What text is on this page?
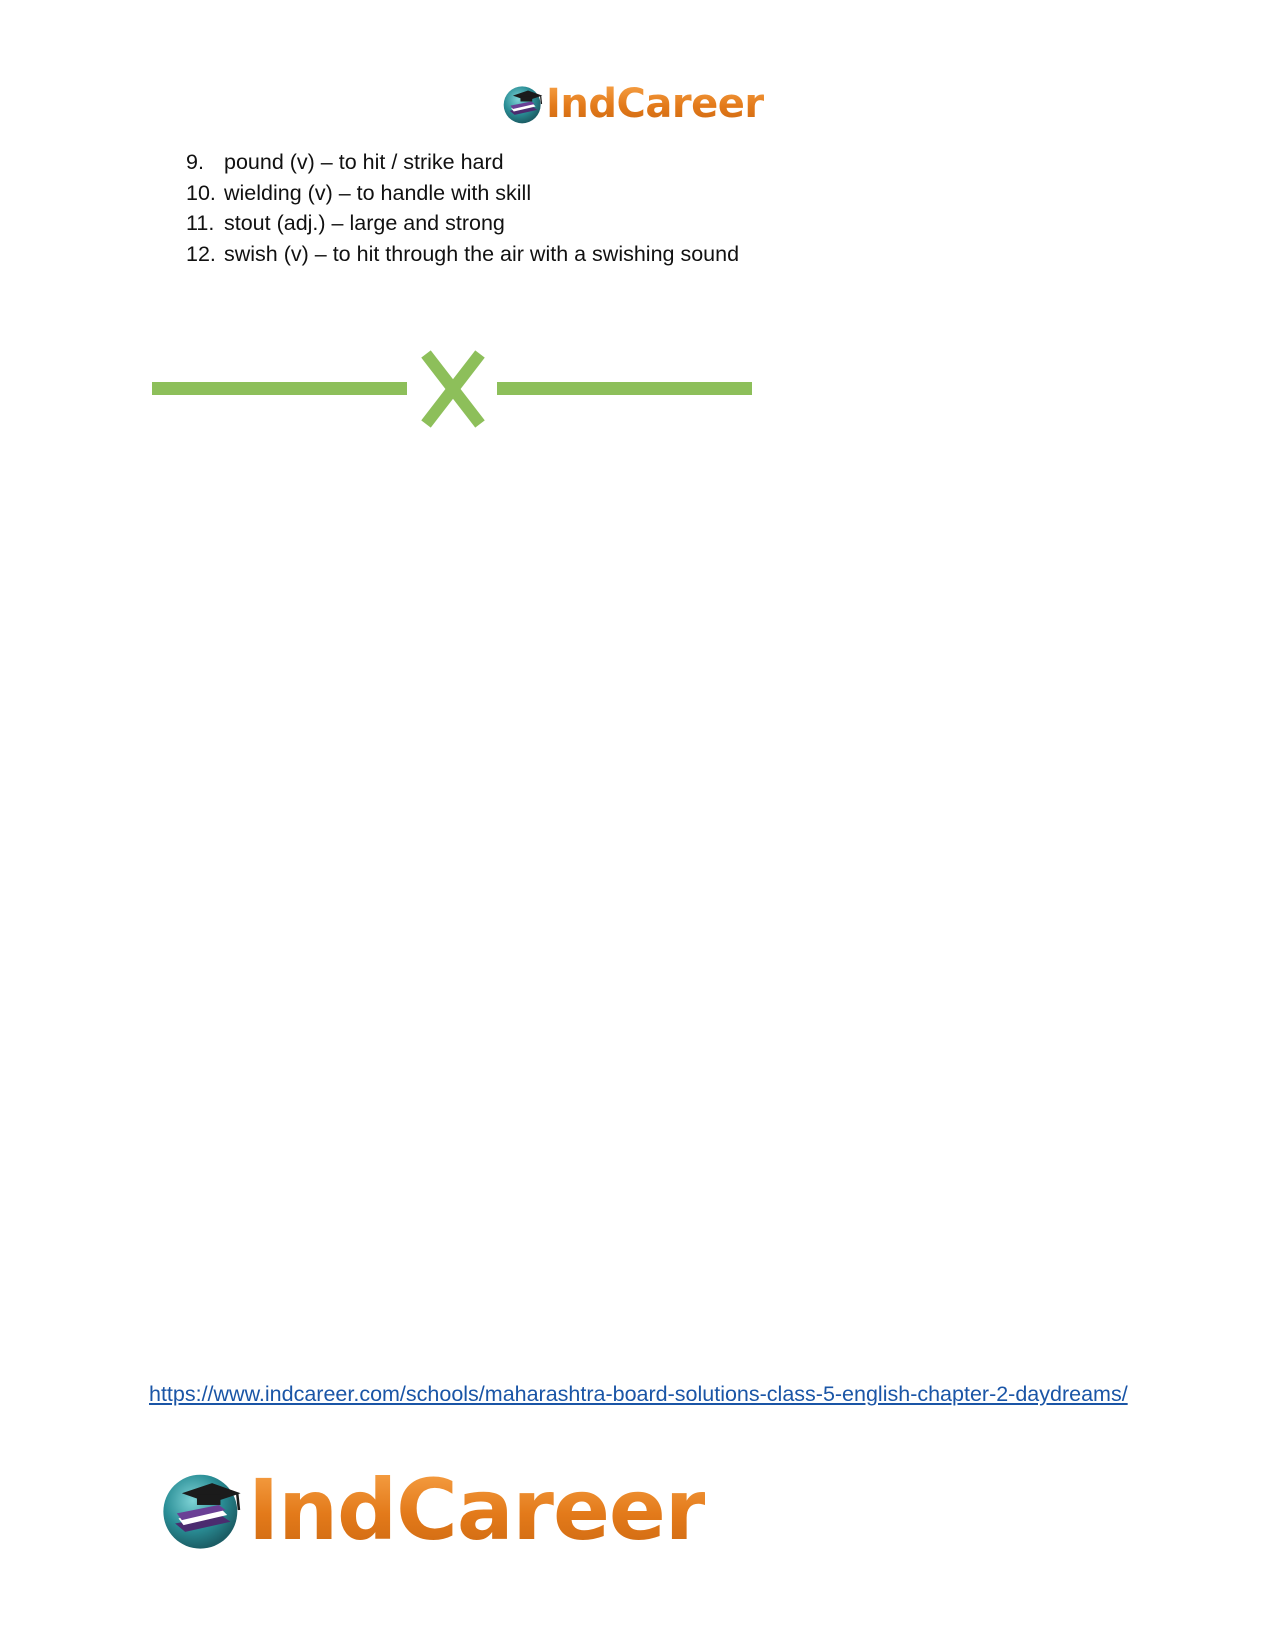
IndCareer
9. pound (v) – to hit / strike hard
10. wielding (v) – to handle with skill
11. stout (adj.) – large and strong
12. swish (v) – to hit through the air with a swishing sound
https://www.indcareer.com/schools/maharashtra-board-solutions-class-5-english-chapter-2-daydreams/
IndCareer
